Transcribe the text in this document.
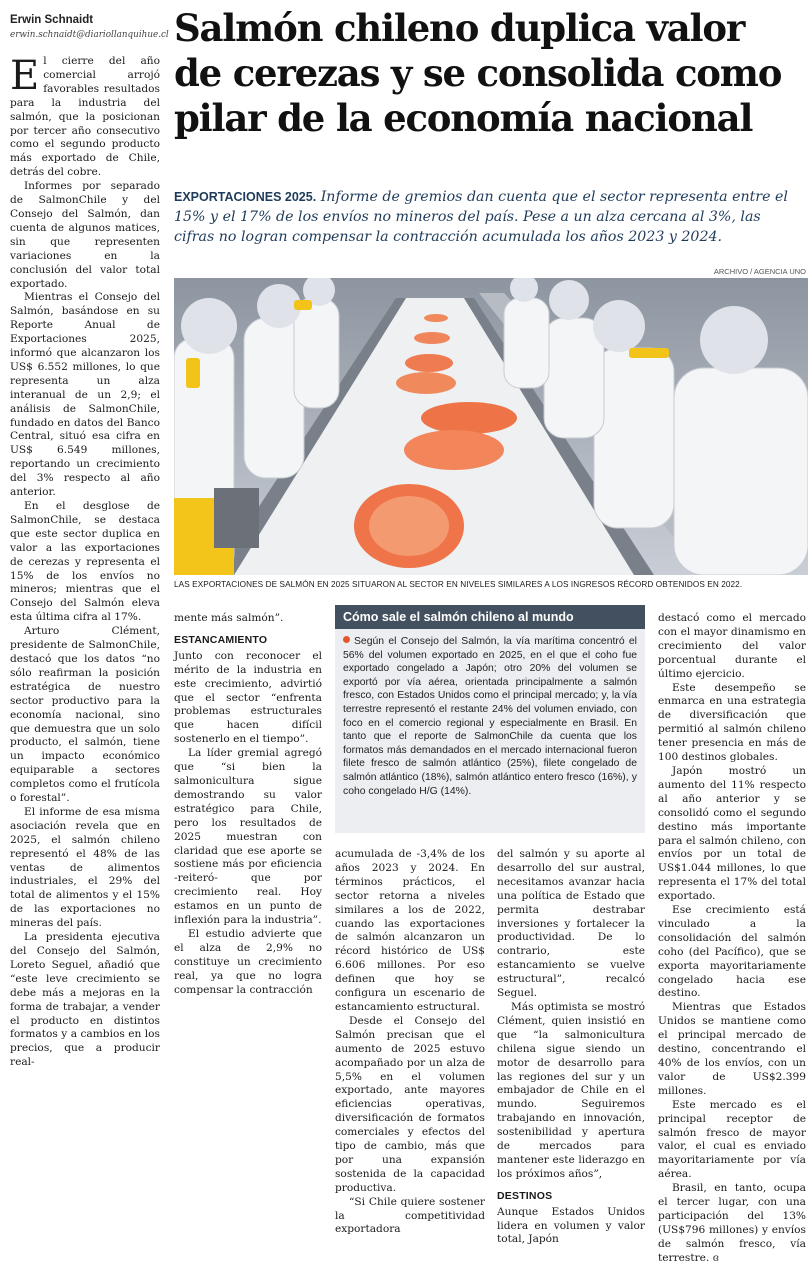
Erwin Schnaidt
erwin.schnaidt@diariollanquihue.cl Salmón chileno duplica valor
de cerezas y se consolida como
pilar de la economía nacional
EXPORTACIONES 2025. Informe de gremios dan cuenta que el sector representa entre el 15% y el 17% de los envíos no mineros del país. Pese a un alza cercana al 3%, las cifras no logran compensar la contracción acumulada los años 2023 y 2024.

El cierre del año comercial arrojó favorables resultados para la industria del salmón, que la posicionan por tercer año consecutivo como el segundo producto más exportado de Chile, detrás del cobre.

Informes por separado de SalmonChile y del Consejo del Salmón, dan cuenta de algunos matices, sin que representen variaciones en la conclusión del valor total exportado.

Mientras el Consejo del Salmón, basándose en su Reporte Anual de Exportaciones 2025, informó que alcanzaron los US$ 6.552 millones, lo que representa un alza interanual de un 2,9; el análisis de SalmonChile, fundado en datos del Banco Central, situó esa cifra en US$ 6.549 millones, reportando un crecimiento del 3% respecto al año anterior.

En el desglose de SalmonChile, se destaca que este sector duplica en valor a las exportaciones de cerezas y representa el 15% de los envíos no mineros; mientras que el Consejo del Salmón eleva esta última cifra al 17%.

Arturo Clément, presidente de SalmonChile, destacó que los datos “no sólo reafirman la posición estratégica de nuestro sector productivo para la economía nacional, sino que demuestra que un solo producto, el salmón, tiene un impacto económico equiparable a sectores completos como el frutícola o forestal”.

El informe de esa misma asociación revela que en 2025, el salmón chileno representó el 48% de las ventas de alimentos industriales, el 29% del total de alimentos y el 15% de las exportaciones no mineras del país.

La presidenta ejecutiva del Consejo del Salmón, Loreto Seguel, añadió que “este leve crecimiento se debe más a mejoras en la forma de trabajar, a vender el producto en distintos formatos y a cambios en los precios, que a producir real-

ARCHIVO / AGENCIA UNO
LAS EXPORTACIONES DE SALMÓN EN 2025 SITUARON AL SECTOR EN NIVELES SIMILARES A LOS INGRESOS RÉCORD OBTENIDOS EN 2022.

mente más salmón”.

ESTANCAMIENTO

Junto con reconocer el mérito de la industria en este crecimiento, advirtió que el sector “enfrenta problemas estructurales que hacen difícil sostenerlo en el tiempo”.

La líder gremial agregó que “si bien la salmonicultura sigue demostrando su valor estratégico para Chile, pero los resultados de 2025 muestran con claridad que ese aporte se sostiene más por eficiencia -reiteró- que por crecimiento real. Hoy estamos en un punto de inflexión para la industria”.

El estudio advierte que el alza de 2,9% no constituye un crecimiento real, ya que no logra compensar la contracción

Cómo sale el salmón chileno al mundo
Según el Consejo del Salmón, la vía marítima concentró el 56% del volumen exportado en 2025, en el que el coho fue exportado congelado a Japón; otro 20% del volumen se exportó por vía aérea, orientada principalmente a salmón fresco, con Estados Unidos como el principal mercado; y, la vía terrestre representó el restante 24% del volumen enviado, con foco en el comercio regional y especialmente en Brasil. En tanto que el reporte de SalmonChile da cuenta que los formatos más demandados en el mercado internacional fueron filete fresco de salmón atlántico (25%), filete congelado de salmón atlántico (18%), salmón atlántico entero fresco (16%), y coho congelado H/G (14%).

acumulada de -3,4% de los años 2023 y 2024. En términos prácticos, el sector retorna a niveles similares a los de 2022, cuando las exportaciones de salmón alcanzaron un récord histórico de US$ 6.606 millones. Por eso definen que hoy se configura un escenario de estancamiento estructural.

Desde el Consejo del Salmón precisan que el aumento de 2025 estuvo acompañado por un alza de 5,5% en el volumen exportado, ante mayores eficiencias operativas, diversificación de formatos comerciales y efectos del tipo de cambio, más que por una expansión sostenida de la capacidad productiva.

“Si Chile quiere sostener la competitividad exportadora

del salmón y su aporte al desarrollo del sur austral, necesitamos avanzar hacia una política de Estado que permita destrabar inversiones y fortalecer la productividad. De lo contrario, este estancamiento se vuelve estructural”, recalcó Seguel.

Más optimista se mostró Clément, quien insistió en que “la salmonicultura chilena sigue siendo un motor de desarrollo para las regiones del sur y un embajador de Chile en el mundo. Seguiremos trabajando en innovación, sostenibilidad y apertura de mercados para mantener este liderazgo en los próximos años”,

DESTINOS

Aunque Estados Unidos lidera en volumen y valor total, Japón

destacó como el mercado con el mayor dinamismo en crecimiento del valor porcentual durante el último ejercicio.

Este desempeño se enmarca en una estrategia de diversificación que permitió al salmón chileno tener presencia en más de 100 destinos globales.

Japón mostró un aumento del 11% respecto al año anterior y se consolidó como el segundo destino más importante para el salmón chileno, con envíos por un total de US$1.044 millones, lo que representa el 17% del total exportado.

Ese crecimiento está vinculado a la consolidación del salmón coho (del Pacífico), que se exporta mayoritariamente congelado hacia ese destino.

Mientras que Estados Unidos se mantiene como el principal mercado de destino, concentrando el 40% de los envíos, con un valor de US$2.399 millones.

Este mercado es el principal receptor de salmón fresco de mayor valor, el cual es enviado mayoritariamente por vía aérea.

Brasil, en tanto, ocupa el tercer lugar, con una participación del 13% (US$796 millones) y envíos de salmón fresco, vía terrestre. ɞ
